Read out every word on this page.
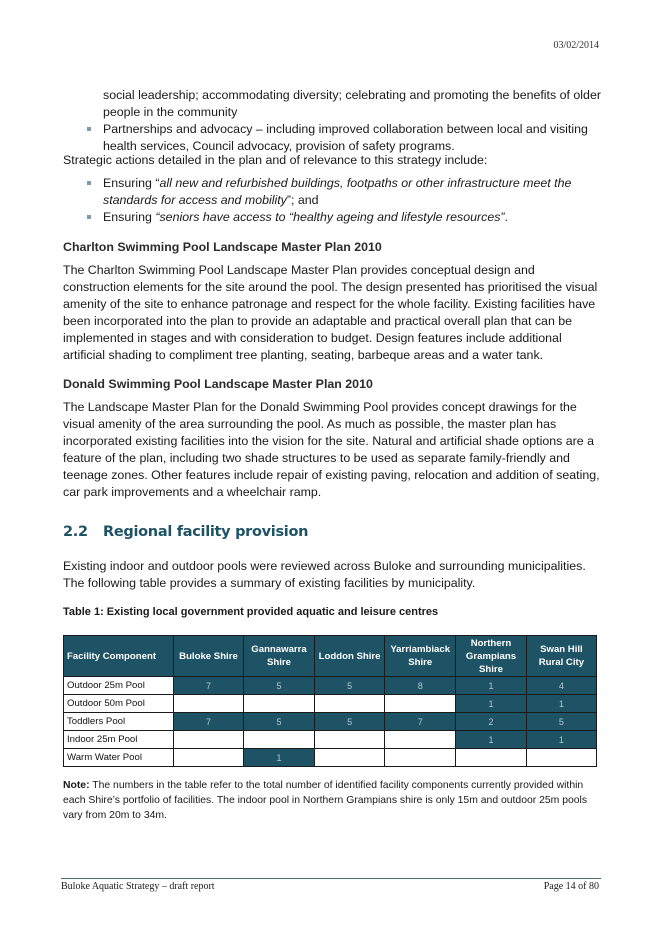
03/02/2014
social leadership; accommodating diversity; celebrating and promoting the benefits of older people in the community
Partnerships and advocacy – including improved collaboration between local and visiting health services, Council advocacy, provision of safety programs.
Strategic actions detailed in the plan and of relevance to this strategy include:
Ensuring “all new and refurbished buildings, footpaths or other infrastructure meet the standards for access and mobility”; and
Ensuring “seniors have access to “healthy ageing and lifestyle resources”.
Charlton Swimming Pool Landscape Master Plan 2010
The Charlton Swimming Pool Landscape Master Plan provides conceptual design and construction elements for the site around the pool. The design presented has prioritised the visual amenity of the site to enhance patronage and respect for the whole facility. Existing facilities have been incorporated into the plan to provide an adaptable and practical overall plan that can be implemented in stages and with consideration to budget. Design features include additional artificial shading to compliment tree planting, seating, barbeque areas and a water tank.
Donald Swimming Pool Landscape Master Plan 2010
The Landscape Master Plan for the Donald Swimming Pool provides concept drawings for the visual amenity of the area surrounding the pool. As much as possible, the master plan has incorporated existing facilities into the vision for the site. Natural and artificial shade options are a feature of the plan, including two shade structures to be used as separate family-friendly and teenage zones. Other features include repair of existing paving, relocation and addition of seating, car park improvements and a wheelchair ramp.
2.2 Regional facility provision
Existing indoor and outdoor pools were reviewed across Buloke and surrounding municipalities. The following table provides a summary of existing facilities by municipality.
Table 1: Existing local government provided aquatic and leisure centres
Facility Component	Buloke Shire	Gannawarra Shire	Loddon Shire	Yarriambiack Shire	Northern Grampians Shire	Swan Hill Rural City
Outdoor 25m Pool	7	5	5	8	1	4
Outdoor 50m Pool					1	1
Toddlers Pool	7	5	5	7	2	5
Indoor 25m Pool					1	1
Warm Water Pool		1				
Note: The numbers in the table refer to the total number of identified facility components currently provided within each Shire’s portfolio of facilities. The indoor pool in Northern Grampians shire is only 15m and outdoor 25m pools vary from 20m to 34m.
Buloke Aquatic Strategy – draft report	Page 14 of 80
